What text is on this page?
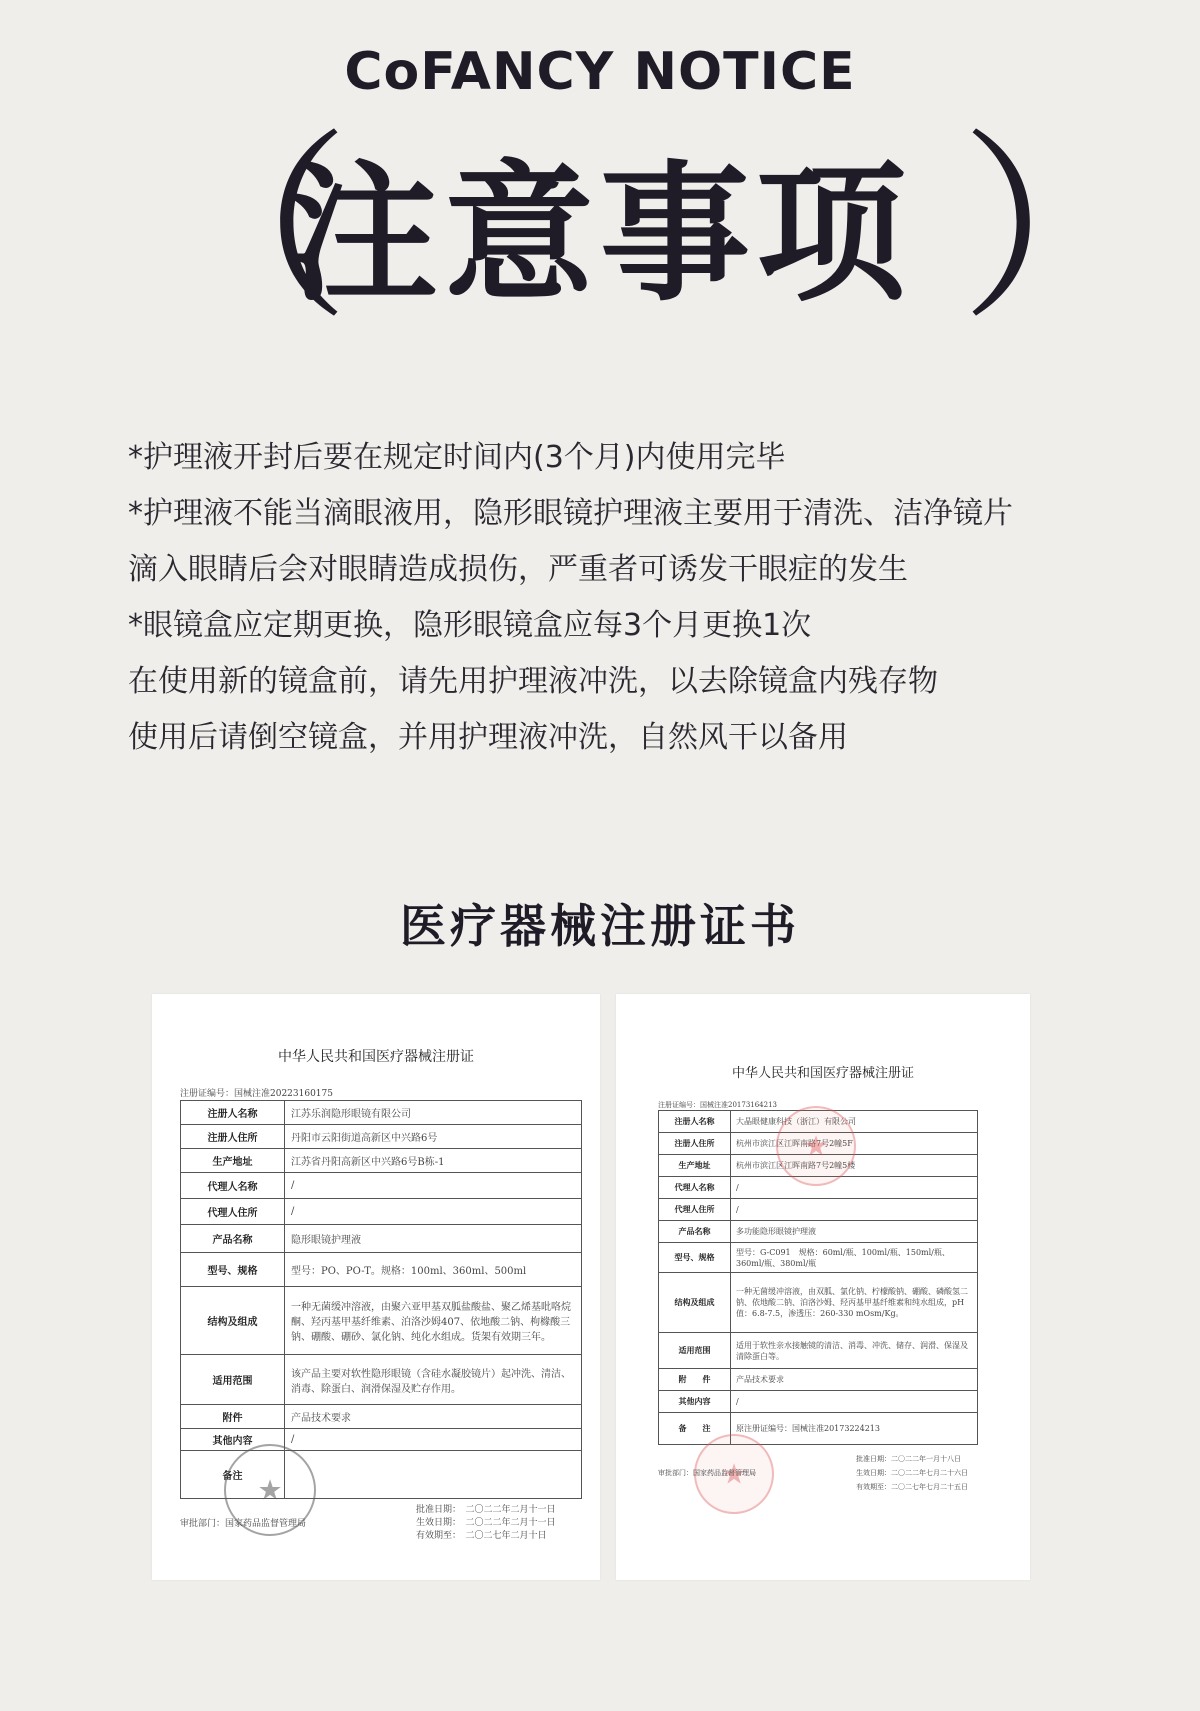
CoFANCY NOTICE
（
注意事项 ）
*护理液开封后要在规定时间内(3个月)内使用完毕
*护理液不能当滴眼液用，隐形眼镜护理液主要用于清洗、洁净镜片
滴入眼睛后会对眼睛造成损伤，严重者可诱发干眼症的发生
*眼镜盒应定期更换，隐形眼镜盒应每3个月更换1次
在使用新的镜盒前，请先用护理液冲洗，以去除镜盒内残存物
使用后请倒空镜盒，并用护理液冲洗，自然风干以备用
医疗器械注册证书
中华人民共和国医疗器械注册证
注册证编号：国械注准20223160175
注册人名称	江苏乐润隐形眼镜有限公司
注册人住所	丹阳市云阳街道高新区中兴路6号
生产地址	江苏省丹阳高新区中兴路6号B栋-1
代理人名称	/
代理人住所	/
产品名称	隐形眼镜护理液
型号、规格	型号：PO、PO-T。规格：100ml、360ml、500ml
结构及组成	一种无菌缓冲溶液，由聚六亚甲基双胍盐酸盐、聚乙烯基吡咯烷酮、羟丙基甲基纤维素、泊洛沙姆407、依地酸二钠、枸橼酸三钠、硼酸、硼砂、氯化钠、纯化水组成。货架有效期三年。
适用范围	该产品主要对软性隐形眼镜（含硅水凝胶镜片）起冲洗、清洁、消毒、除蛋白、润滑保湿及贮存作用。
附件	产品技术要求
其他内容	/
备注	★
审批部门：国家药品监督管理局
批准日期：　二〇二二年二月十一日
生效日期：　二〇二二年二月十一日
有效期至：　二〇二七年二月十日
中华人民共和国医疗器械注册证
注册证编号：国械注准20173164213
注册人名称	大晶眼健康科技（浙江）有限公司
注册人住所	杭州市滨江区江晖南路7号2幢5F
生产地址	杭州市滨江区江晖南路7号2幢5楼
代理人名称	/
代理人住所	/
产品名称	多功能隐形眼镜护理液
型号、规格	型号：G-C091　规格：60ml/瓶、100ml/瓶、150ml/瓶、360ml/瓶、380ml/瓶
结构及组成	一种无菌缓冲溶液，由双胍、氯化钠、柠檬酸钠、硼酸、磷酸氢二钠、依地酸二钠、泊洛沙姆、羟丙基甲基纤维素和纯水组成，pH值：6.8-7.5，渗透压：260-330 mOsm/Kg。
适用范围	适用于软性亲水接触镜的清洁、消毒、冲洗、储存、润滑、保湿及清除蛋白等。
附　　件	产品技术要求
其他内容	/
备　　注	原注册证编号：国械注准20173224213
★
★
审批部门：国家药品监督管理局
批准日期：二〇二二年一月十八日
生效日期：二〇二二年七月二十六日
有效期至：二〇二七年七月二十五日
